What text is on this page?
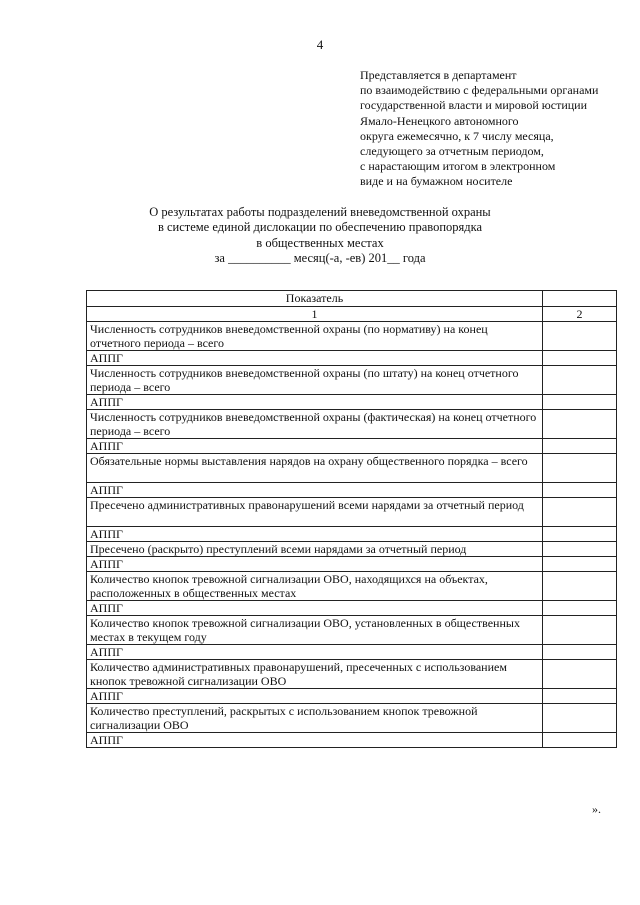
4
Представляется в департамент
по взаимодействию с федеральными органами
государственной власти и мировой юстиции
Ямало-Ненецкого автономного
округа ежемесячно, к 7 числу месяца,
следующего за отчетным периодом,
с нарастающим итогом в электронном
виде и на бумажном носителе
О результатах работы подразделений вневедомственной охраны
в системе единой дислокации по обеспечению правопорядка
в общественных местах
за __________ месяц(-а, -ев) 201__ года
Показатель	
1	2
Численность сотрудников вневедомственной охраны (по нормативу) на конец отчетного периода – всего	
АППГ	
Численность сотрудников вневедомственной охраны (по штату) на конец отчетного периода – всего	
АППГ	
Численность сотрудников вневедомственной охраны (фактическая) на конец отчетного периода – всего	
АППГ	
Обязательные нормы выставления нарядов на охрану общественного порядка – всего	
АППГ	
Пресечено административных правонарушений всеми нарядами за отчетный период	
АППГ	
Пресечено (раскрыто) преступлений всеми нарядами за отчетный период	
АППГ	
Количество кнопок тревожной сигнализации ОВО, находящихся на объектах, расположенных в общественных местах	
АППГ	
Количество кнопок тревожной сигнализации ОВО, установленных в общественных местах в текущем году	
АППГ	
Количество административных правонарушений, пресеченных с использованием кнопок тревожной сигнализации ОВО	
АППГ	
Количество преступлений, раскрытых с использованием кнопок тревожной сигнализации ОВО	
АППГ	
».
